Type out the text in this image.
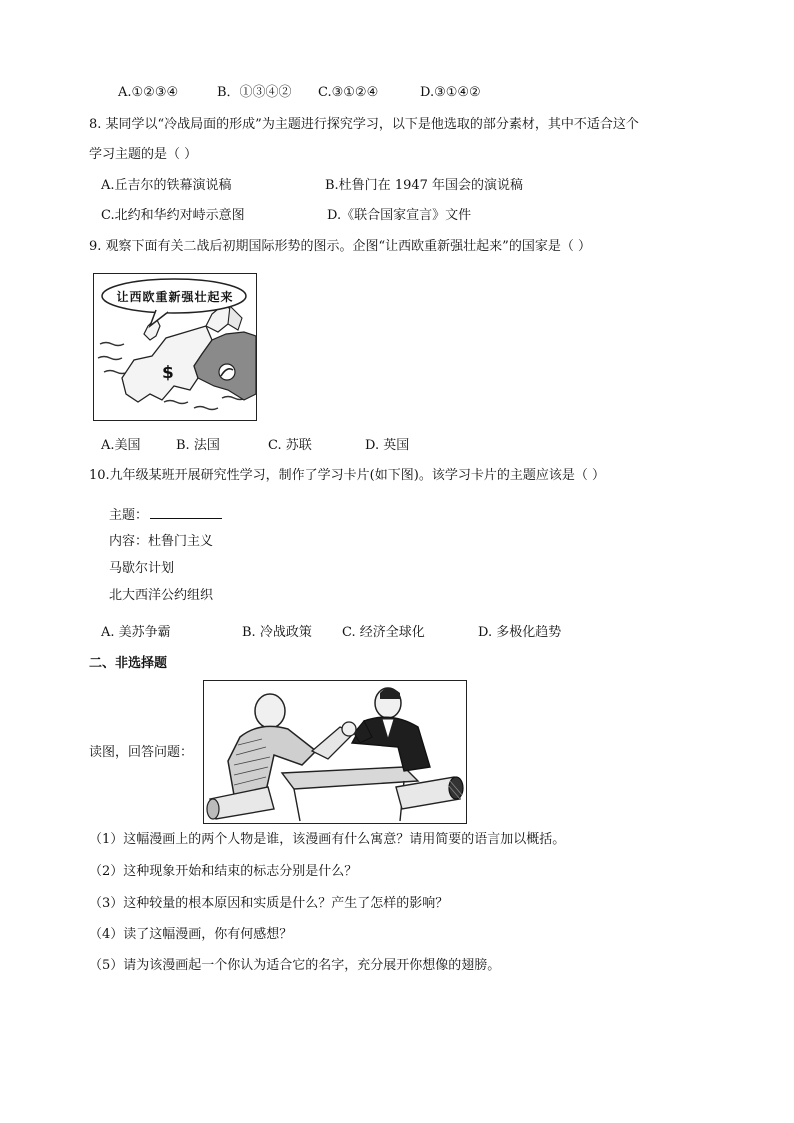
A.①②③④	B．①③④② C.③①②④	D.③①④②
8. 某同学以“冷战局面的形成”为主题进行探究学习，以下是他选取的部分素材，其中不适合这个
学习主题的是（ ）
A.丘吉尔的铁幕演说稿	B.杜鲁门在 1947 年国会的演说稿
C.北约和华约对峙示意图	D.《联合国家宣言》文件
9. 观察下面有关二战后初期国际形势的图示。企图“让西欧重新强壮起来”的国家是（ ）
$
让西欧重新强壮起来
A.美国	B. 法国	C. 苏联	D. 英国
10.九年级某班开展研究性学习，制作了学习卡片(如下图)。该学习卡片的主题应该是（ ）
主题：
内容：杜鲁门主义
马歇尔计划
北大西洋公约组织
A. 美苏争霸	B. 冷战政策 C. 经济全球化	D. 多极化趋势
二、非选择题
读图，回答问题：
（1）这幅漫画上的两个人物是谁，该漫画有什么寓意？请用简要的语言加以概括。
（2）这种现象开始和结束的标志分别是什么？
（3）这种较量的根本原因和实质是什么？产生了怎样的影响？
（4）读了这幅漫画，你有何感想？
（5）请为该漫画起一个你认为适合它的名字，充分展开你想像的翅膀。
